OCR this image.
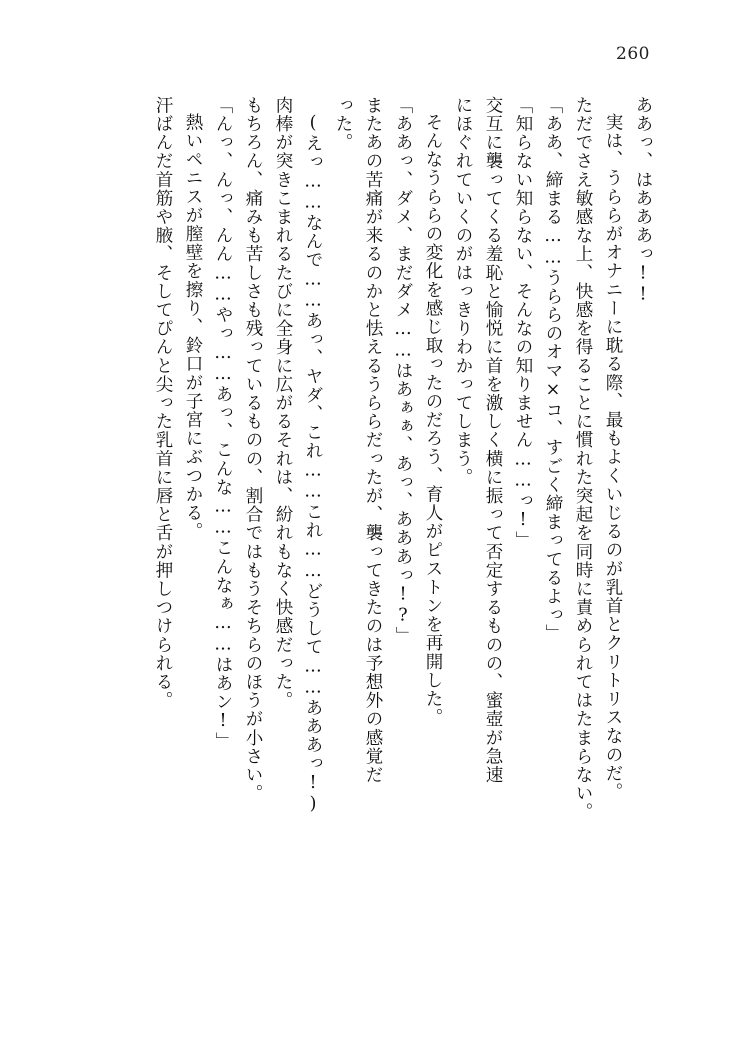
260
ああっ、はあああっ!!
実は、うららがオナニーに耽る際、最もよくいじるのが乳首とクリトリスなのだ。
ただでさえ敏感な上、快感を得ることに慣れた突起を同時に責められてはたまらない。
「ああ、締まる……うららのオマ×コ、すごく締まってるよっ」
「知らない知らない、そんなの知りません……っ!」
交互に襲ってくる羞恥と愉悦に首を激しく横に振って否定するものの、蜜壺が急速
にほぐれていくのがはっきりわかってしまう。
そんなうららの変化を感じ取ったのだろう、育人がピストンを再開した。
「ああっ、ダメ、まだダメ……はあぁぁ、あっ、あああっ!?」
またあの苦痛が来るのかと怯えるうららだったが、襲ってきたのは予想外の感覚だ
った。
(えっ……なんで……あっ、ヤダ、これ……これ……どうして……あああっ!)
肉棒が突きこまれるたびに全身に広がるそれは、紛れもなく快感だった。
もちろん、痛みも苦しさも残っているものの、割合ではもうそちらのほうが小さい。
「んっ、んっ、んん……やっ……あっ、こんな……こんなぁ……はあン!」
熱いペニスが膣壁を擦り、鈴口が子宮にぶつかる。
汗ばんだ首筋や腋、そしてぴんと尖った乳首に唇と舌が押しつけられる。
